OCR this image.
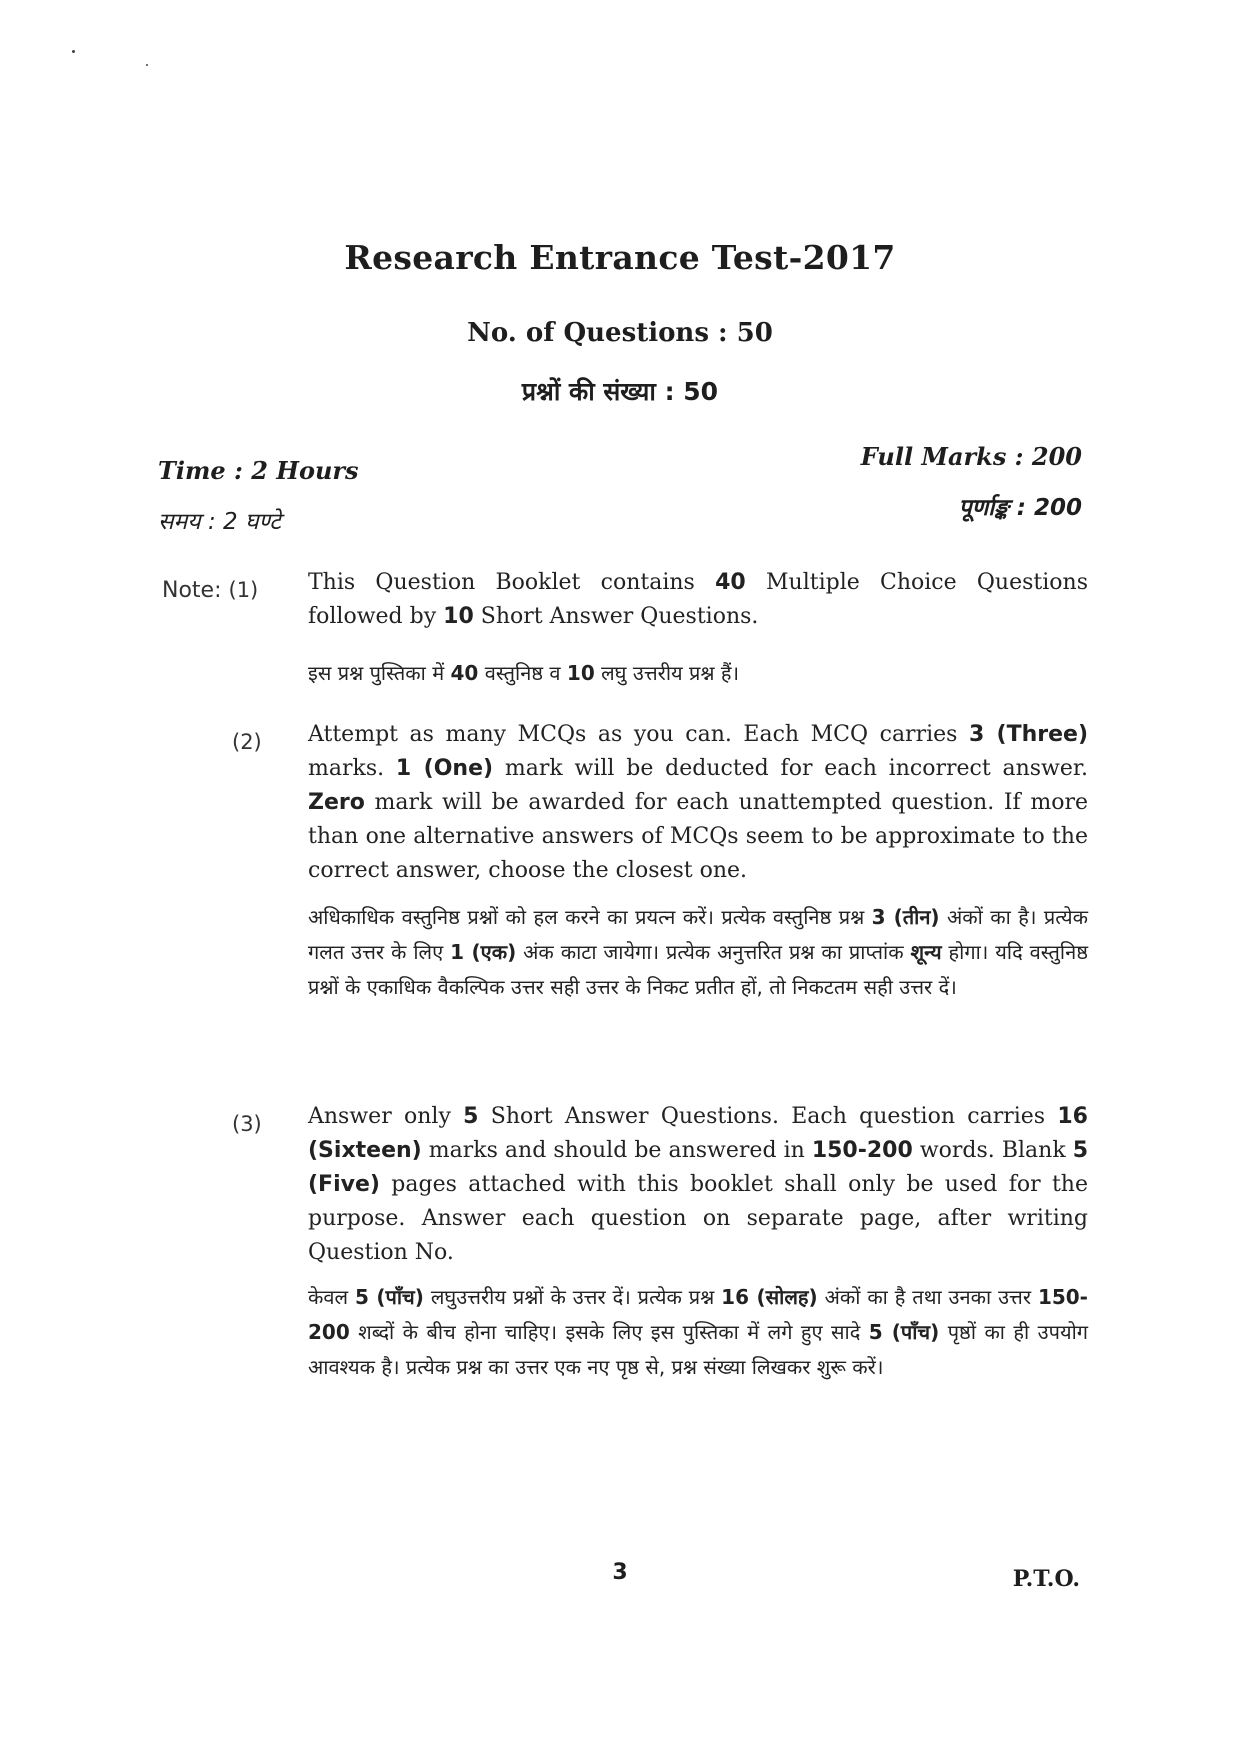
Research Entrance Test-2017
No. of Questions : 50
प्रश्नों की संख्या : 50
Time : 2 Hours
समय : 2 घण्टे
Full Marks : 200
पूर्णाङ्क : 200
Note: (1) This Question Booklet contains 40 Multiple Choice Questions followed by 10 Short Answer Questions.
इस प्रश्न पुस्तिका में 40 वस्तुनिष्ठ व 10 लघु उत्तरीय प्रश्न हैं।
(2) Attempt as many MCQs as you can. Each MCQ carries 3 (Three) marks. 1 (One) mark will be deducted for each incorrect answer. Zero mark will be awarded for each unattempted question. If more than one alternative answers of MCQs seem to be approximate to the correct answer, choose the closest one.
अधिकाधिक वस्तुनिष्ठ प्रश्नों को हल करने का प्रयत्न करें। प्रत्येक वस्तुनिष्ठ प्रश्न 3 (तीन) अंकों का है। प्रत्येक गलत उत्तर के लिए 1 (एक) अंक काटा जायेगा। प्रत्येक अनुत्तरित प्रश्न का प्राप्तांक शून्य होगा। यदि वस्तुनिष्ठ प्रश्नों के एकाधिक वैकल्पिक उत्तर सही उत्तर के निकट प्रतीत हों, तो निकटतम सही उत्तर दें।
(3) Answer only 5 Short Answer Questions. Each question carries 16 (Sixteen) marks and should be answered in 150-200 words. Blank 5 (Five) pages attached with this booklet shall only be used for the purpose. Answer each question on separate page, after writing Question No.
केवल 5 (पाँच) लघुउत्तरीय प्रश्नों के उत्तर दें। प्रत्येक प्रश्न 16 (सोलह) अंकों का है तथा उनका उत्तर 150-200 शब्दों के बीच होना चाहिए। इसके लिए इस पुस्तिका में लगे हुए सादे 5 (पाँच) पृष्ठों का ही उपयोग आवश्यक है। प्रत्येक प्रश्न का उत्तर एक नए पृष्ठ से, प्रश्न संख्या लिखकर शुरू करें।
3	P.T.O.
